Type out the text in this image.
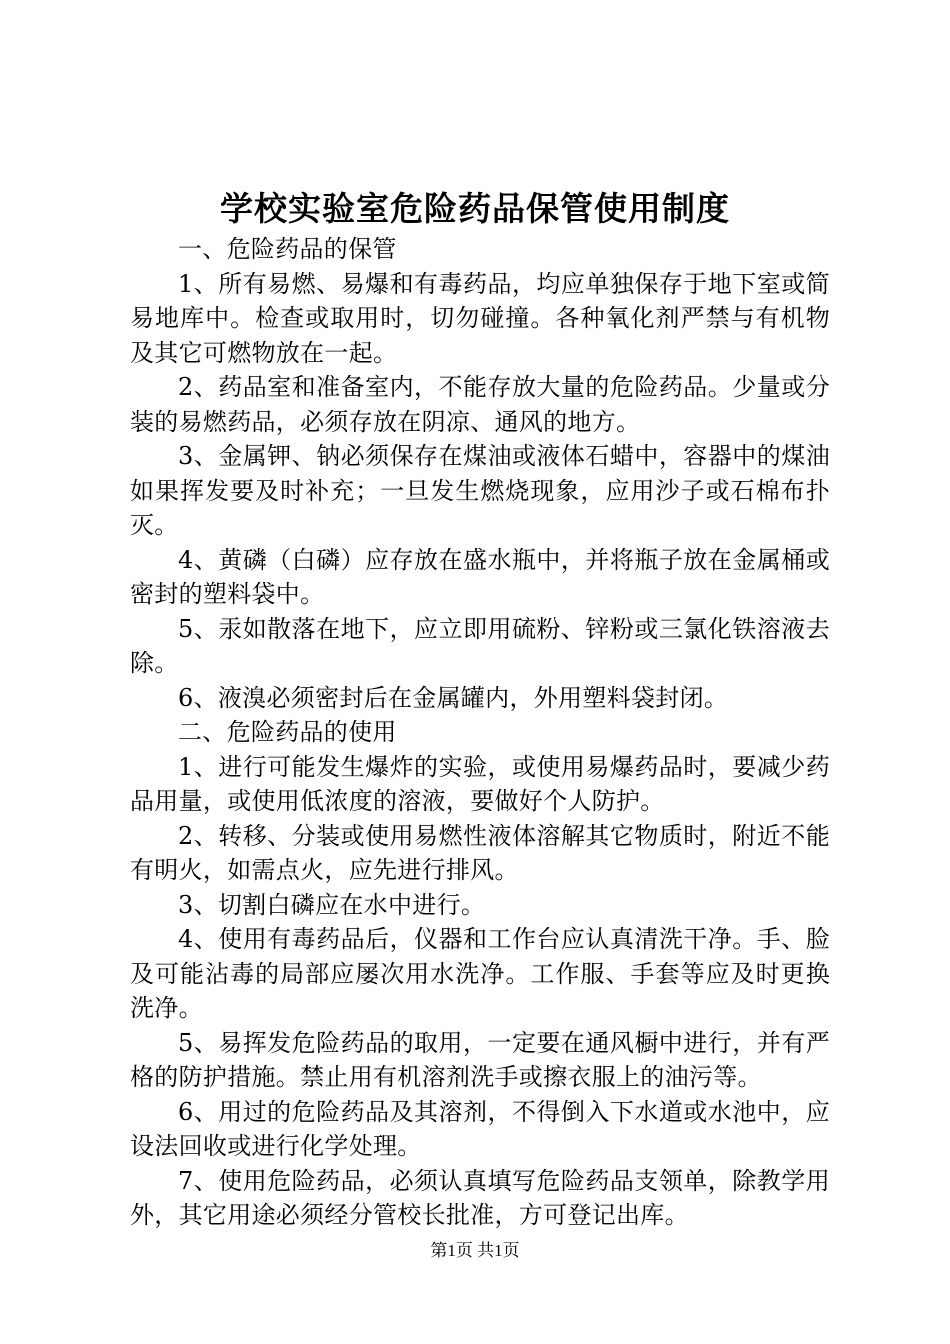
学校实验室危险药品保管使用制度

一、危险药品的保管

1、所有易燃、易爆和有毒药品，均应单独保存于地下室或简易地库中。检查或取用时，切勿碰撞。各种氧化剂严禁与有机物及其它可燃物放在一起。

2、药品室和准备室内，不能存放大量的危险药品。少量或分装的易燃药品，必须存放在阴凉、通风的地方。

3、金属钾、钠必须保存在煤油或液体石蜡中，容器中的煤油如果挥发要及时补充；一旦发生燃烧现象，应用沙子或石棉布扑灭。

4、黄磷（白磷）应存放在盛水瓶中，并将瓶子放在金属桶或密封的塑料袋中。

5、汞如散落在地下，应立即用硫粉、锌粉或三氯化铁溶液去除。

6、液溴必须密封后在金属罐内，外用塑料袋封闭。

二、危险药品的使用

1、进行可能发生爆炸的实验，或使用易爆药品时，要减少药品用量，或使用低浓度的溶液，要做好个人防护。

2、转移、分装或使用易燃性液体溶解其它物质时，附近不能有明火，如需点火，应先进行排风。

3、切割白磷应在水中进行。

4、使用有毒药品后，仪器和工作台应认真清洗干净。手、脸及可能沾毒的局部应屡次用水洗净。工作服、手套等应及时更换洗净。

5、易挥发危险药品的取用，一定要在通风橱中进行，并有严格的防护措施。禁止用有机溶剂洗手或擦衣服上的油污等。

6、用过的危险药品及其溶剂，不得倒入下水道或水池中，应设法回收或进行化学处理。

7、使用危险药品，必须认真填写危险药品支领单，除教学用外，其它用途必须经分管校长批准，方可登记出库。

第1页 共1页
